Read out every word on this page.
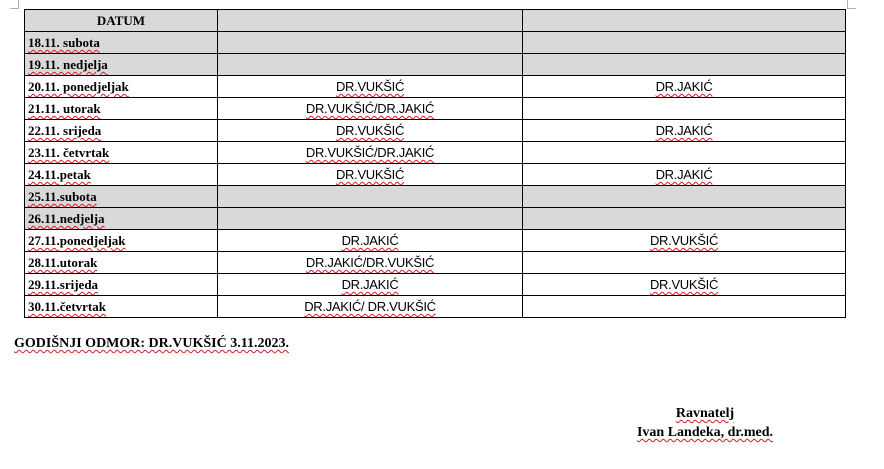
DATUM		
18.11. subota		
19.11. nedjelja		
20.11. ponedjeljak	DR.VUKŠIĆ	DR.JAKIĆ
21.11. utorak	DR.VUKŠIĆ/DR.JAKIĆ	
22.11. srijeda	DR.VUKŠIĆ	DR.JAKIĆ
23.11. četvrtak	DR.VUKŠIĆ/DR.JAKIĆ	
24.11.petak	DR.VUKŠIĆ	DR.JAKIĆ
25.11.subota		
26.11.nedjelja		
27.11.ponedjeljak	DR.JAKIĆ	DR.VUKŠIĆ
28.11.utorak	DR.JAKIĆ/DR.VUKŠIĆ	
29.11.srijeda	DR.JAKIĆ	DR.VUKŠIĆ
30.11.četvrtak	DR.JAKIĆ/ DR.VUKŠIĆ	
GODIŠNJI ODMOR: DR.VUKŠIĆ 3.11.2023.
Ravnatelj
Ivan Landeka, dr.med.
